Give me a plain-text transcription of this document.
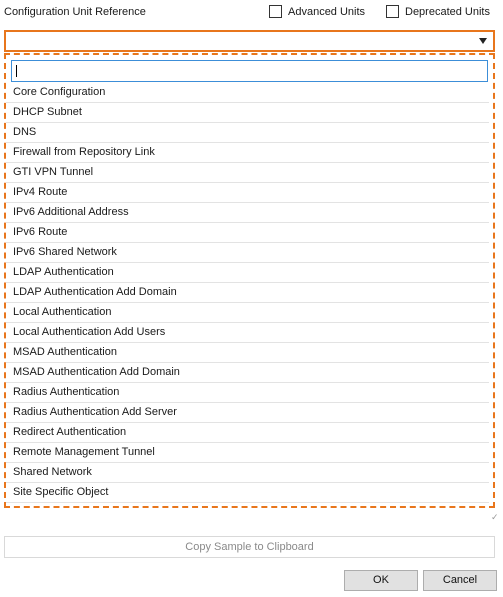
Configuration Unit Reference	Advanced Units	Deprecated Units
Core Configuration
DHCP Subnet
DNS
Firewall from Repository Link
GTI VPN Tunnel
IPv4 Route
IPv6 Additional Address
IPv6 Route
IPv6 Shared Network
LDAP Authentication
LDAP Authentication Add Domain
Local Authentication
Local Authentication Add Users
MSAD Authentication
MSAD Authentication Add Domain
Radius Authentication
Radius Authentication Add Server
Redirect Authentication
Remote Management Tunnel
Shared Network
Site Specific Object
✓
Copy Sample to Clipboard
OK	Cancel
